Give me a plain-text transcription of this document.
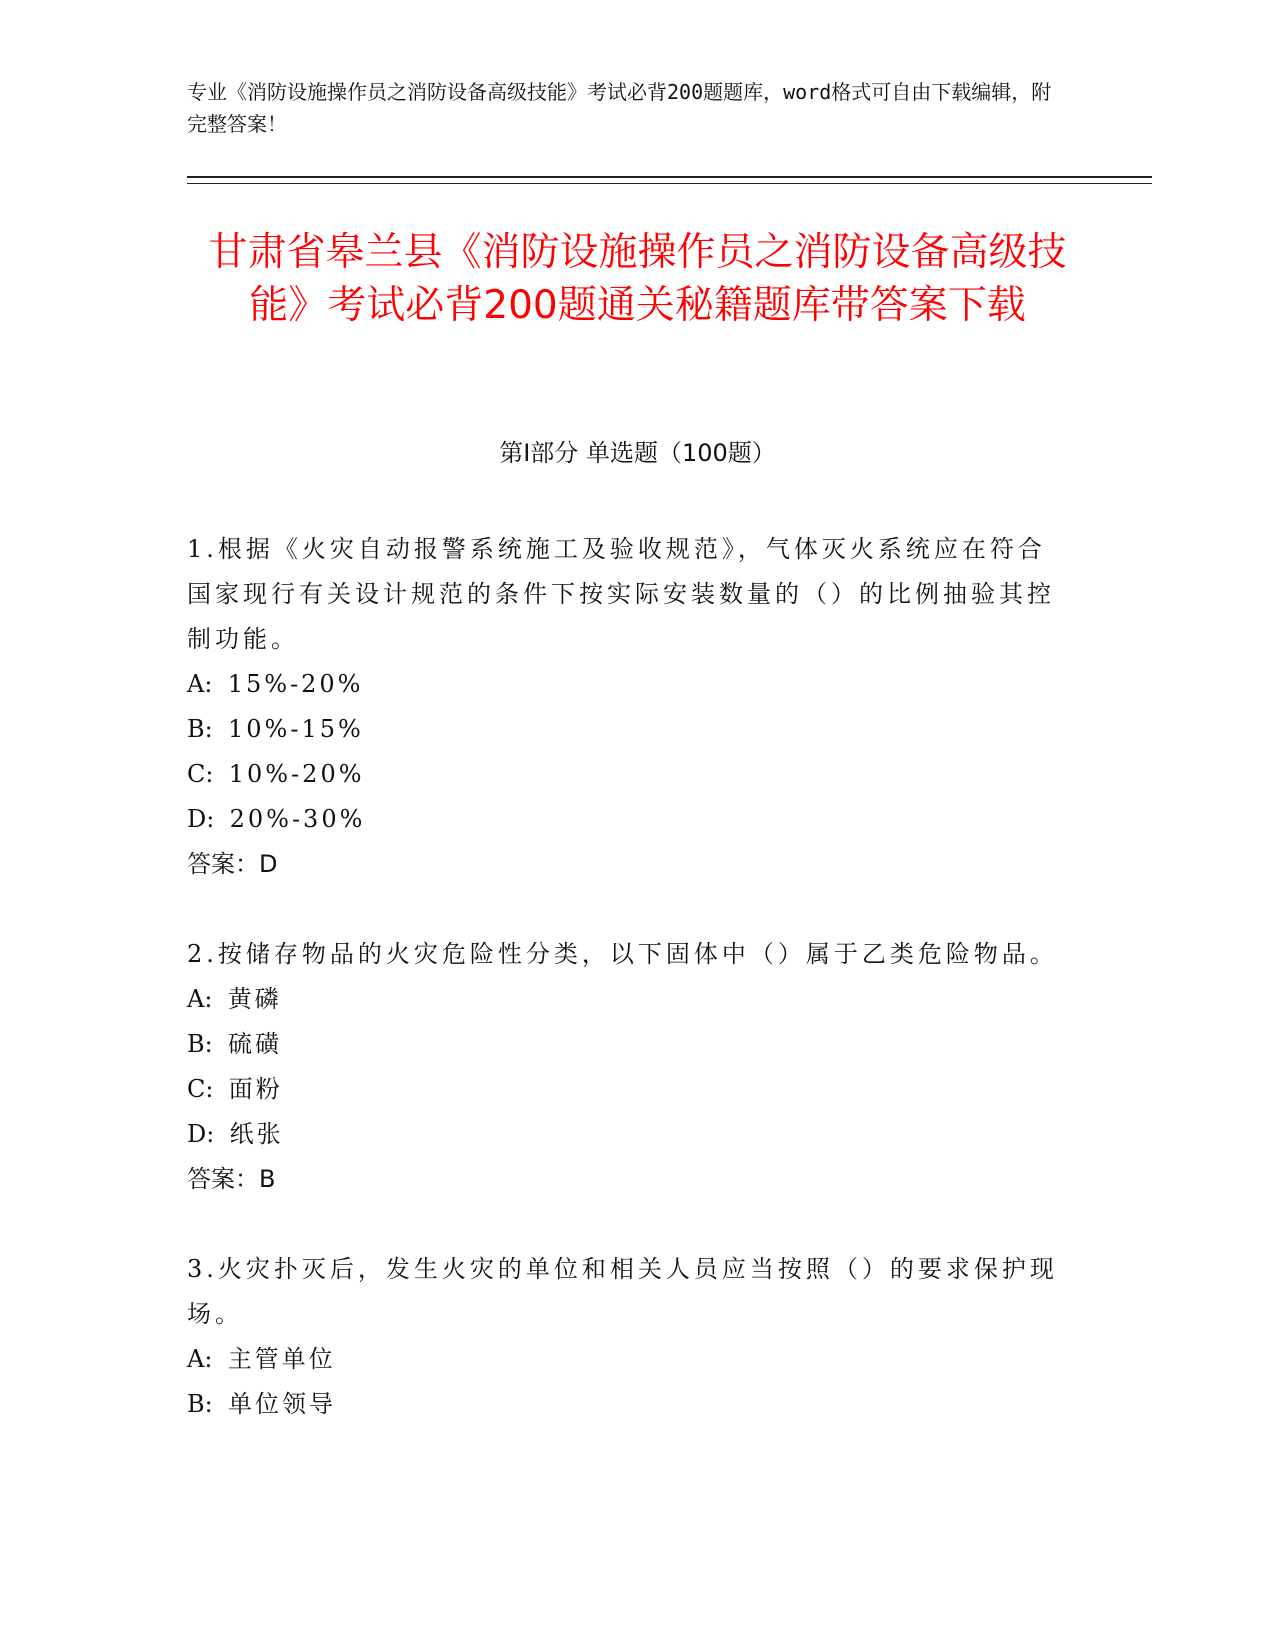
专业《消防设施操作员之消防设备高级技能》考试必背200题题库，word格式可自由下载编辑，附完整答案！
甘肃省皋兰县《消防设施操作员之消防设备高级技能》考试必背200题通关秘籍题库带答案下载
第Ⅰ部分 单选题（100题）
1.根据《火灾自动报警系统施工及验收规范》，气体灭火系统应在符合国家现行有关设计规范的条件下按实际安装数量的（）的比例抽验其控制功能。
A: 15%-20%
B: 10%-15%
C: 10%-20%
D: 20%-30%
答案：D
2.按储存物品的火灾危险性分类，以下固体中（）属于乙类危险物品。
A: 黄磷
B: 硫磺
C: 面粉
D: 纸张
答案：B
3.火灾扑灭后，发生火灾的单位和相关人员应当按照（）的要求保护现场。
A: 主管单位
B: 单位领导
